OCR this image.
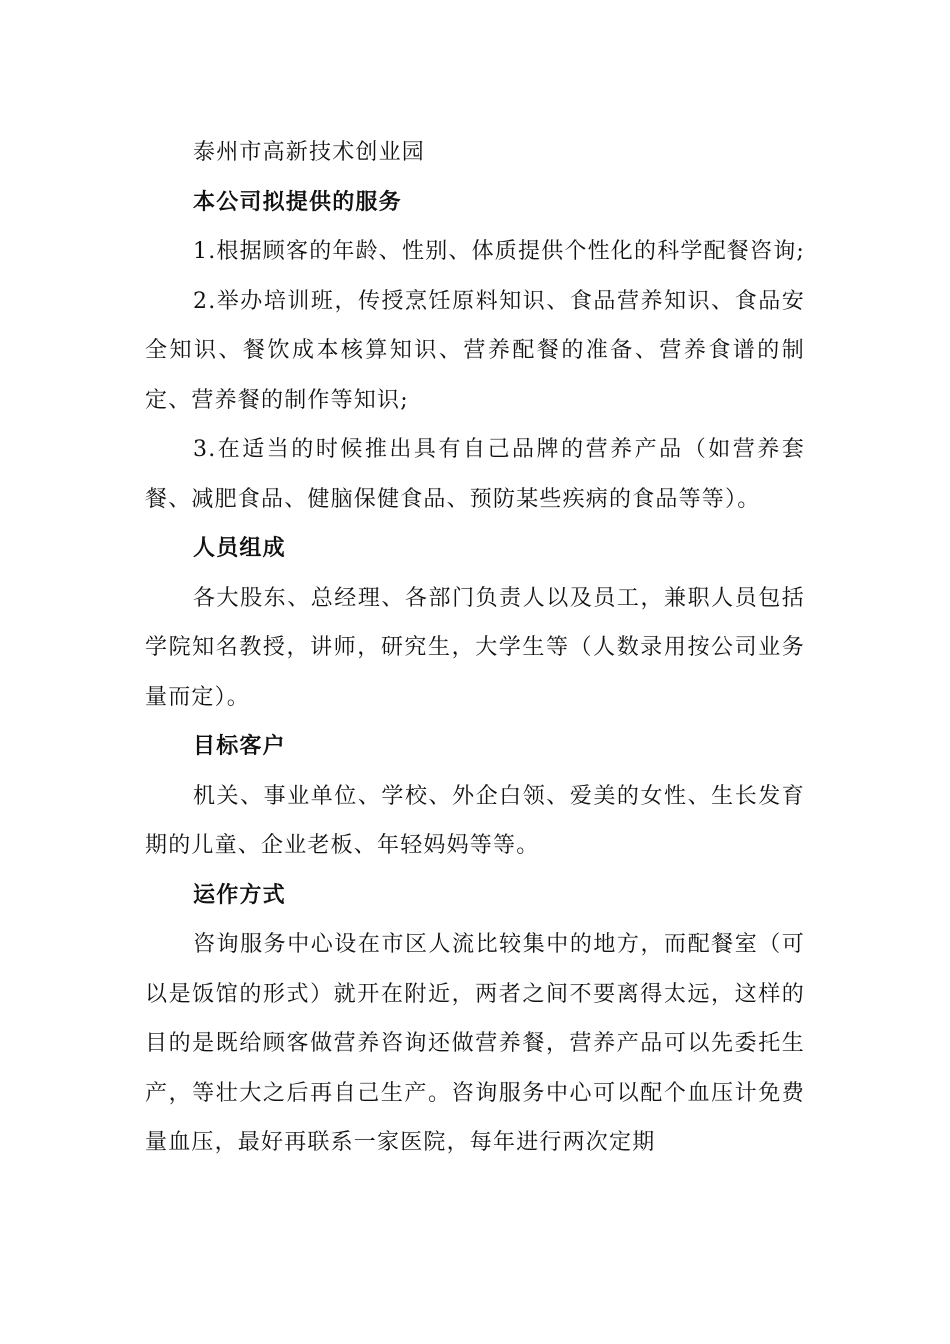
泰州市高新技术创业园

本公司拟提供的服务

1.根据顾客的年龄、性别、体质提供个性化的科学配餐咨询;

2.举办培训班，传授烹饪原料知识、食品营养知识、食品安全知识、餐饮成本核算知识、营养配餐的准备、营养食谱的制定、营养餐的制作等知识;

3.在适当的时候推出具有自己品牌的营养产品（如营养套餐、减肥食品、健脑保健食品、预防某些疾病的食品等等）。

人员组成

各大股东、总经理、各部门负责人以及员工，兼职人员包括学院知名教授，讲师，研究生，大学生等（人数录用按公司业务量而定）。

目标客户

机关、事业单位、学校、外企白领、爱美的女性、生长发育期的儿童、企业老板、年轻妈妈等等。

运作方式

咨询服务中心设在市区人流比较集中的地方，而配餐室（可以是饭馆的形式）就开在附近，两者之间不要离得太远，这样的目的是既给顾客做营养咨询还做营养餐，营养产品可以先委托生产，等壮大之后再自己生产。咨询服务中心可以配个血压计免费量血压，最好再联系一家医院，每年进行两次定期
